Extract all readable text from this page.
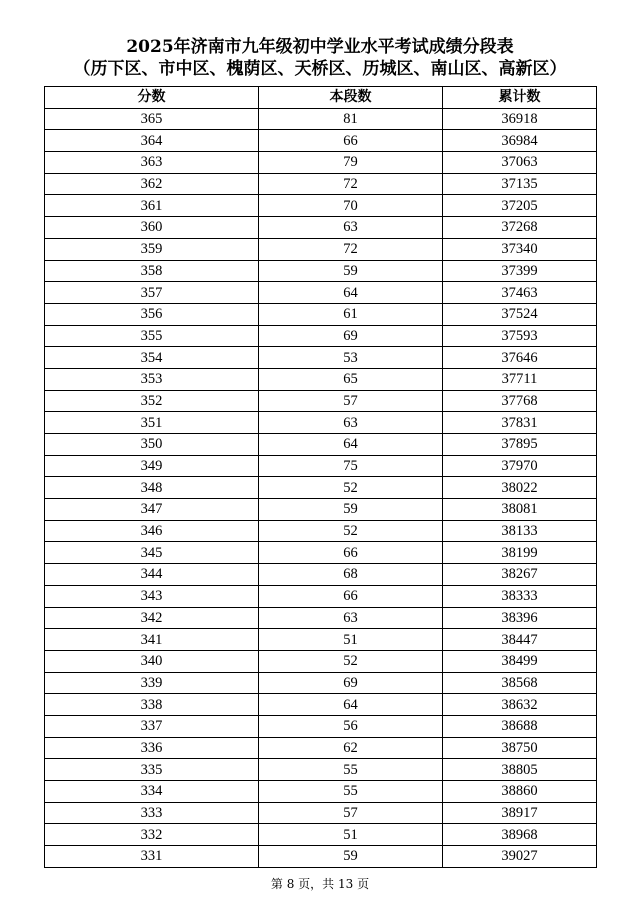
2025年济南市九年级初中学业水平考试成绩分段表
（历下区、市中区、槐荫区、天桥区、历城区、南山区、高新区）
分数	本段数	累计数
365	81	36918
364	66	36984
363	79	37063
362	72	37135
361	70	37205
360	63	37268
359	72	37340
358	59	37399
357	64	37463
356	61	37524
355	69	37593
354	53	37646
353	65	37711
352	57	37768
351	63	37831
350	64	37895
349	75	37970
348	52	38022
347	59	38081
346	52	38133
345	66	38199
344	68	38267
343	66	38333
342	63	38396
341	51	38447
340	52	38499
339	69	38568
338	64	38632
337	56	38688
336	62	38750
335	55	38805
334	55	38860
333	57	38917
332	51	38968
331	59	39027
第 8 页，共 13 页
